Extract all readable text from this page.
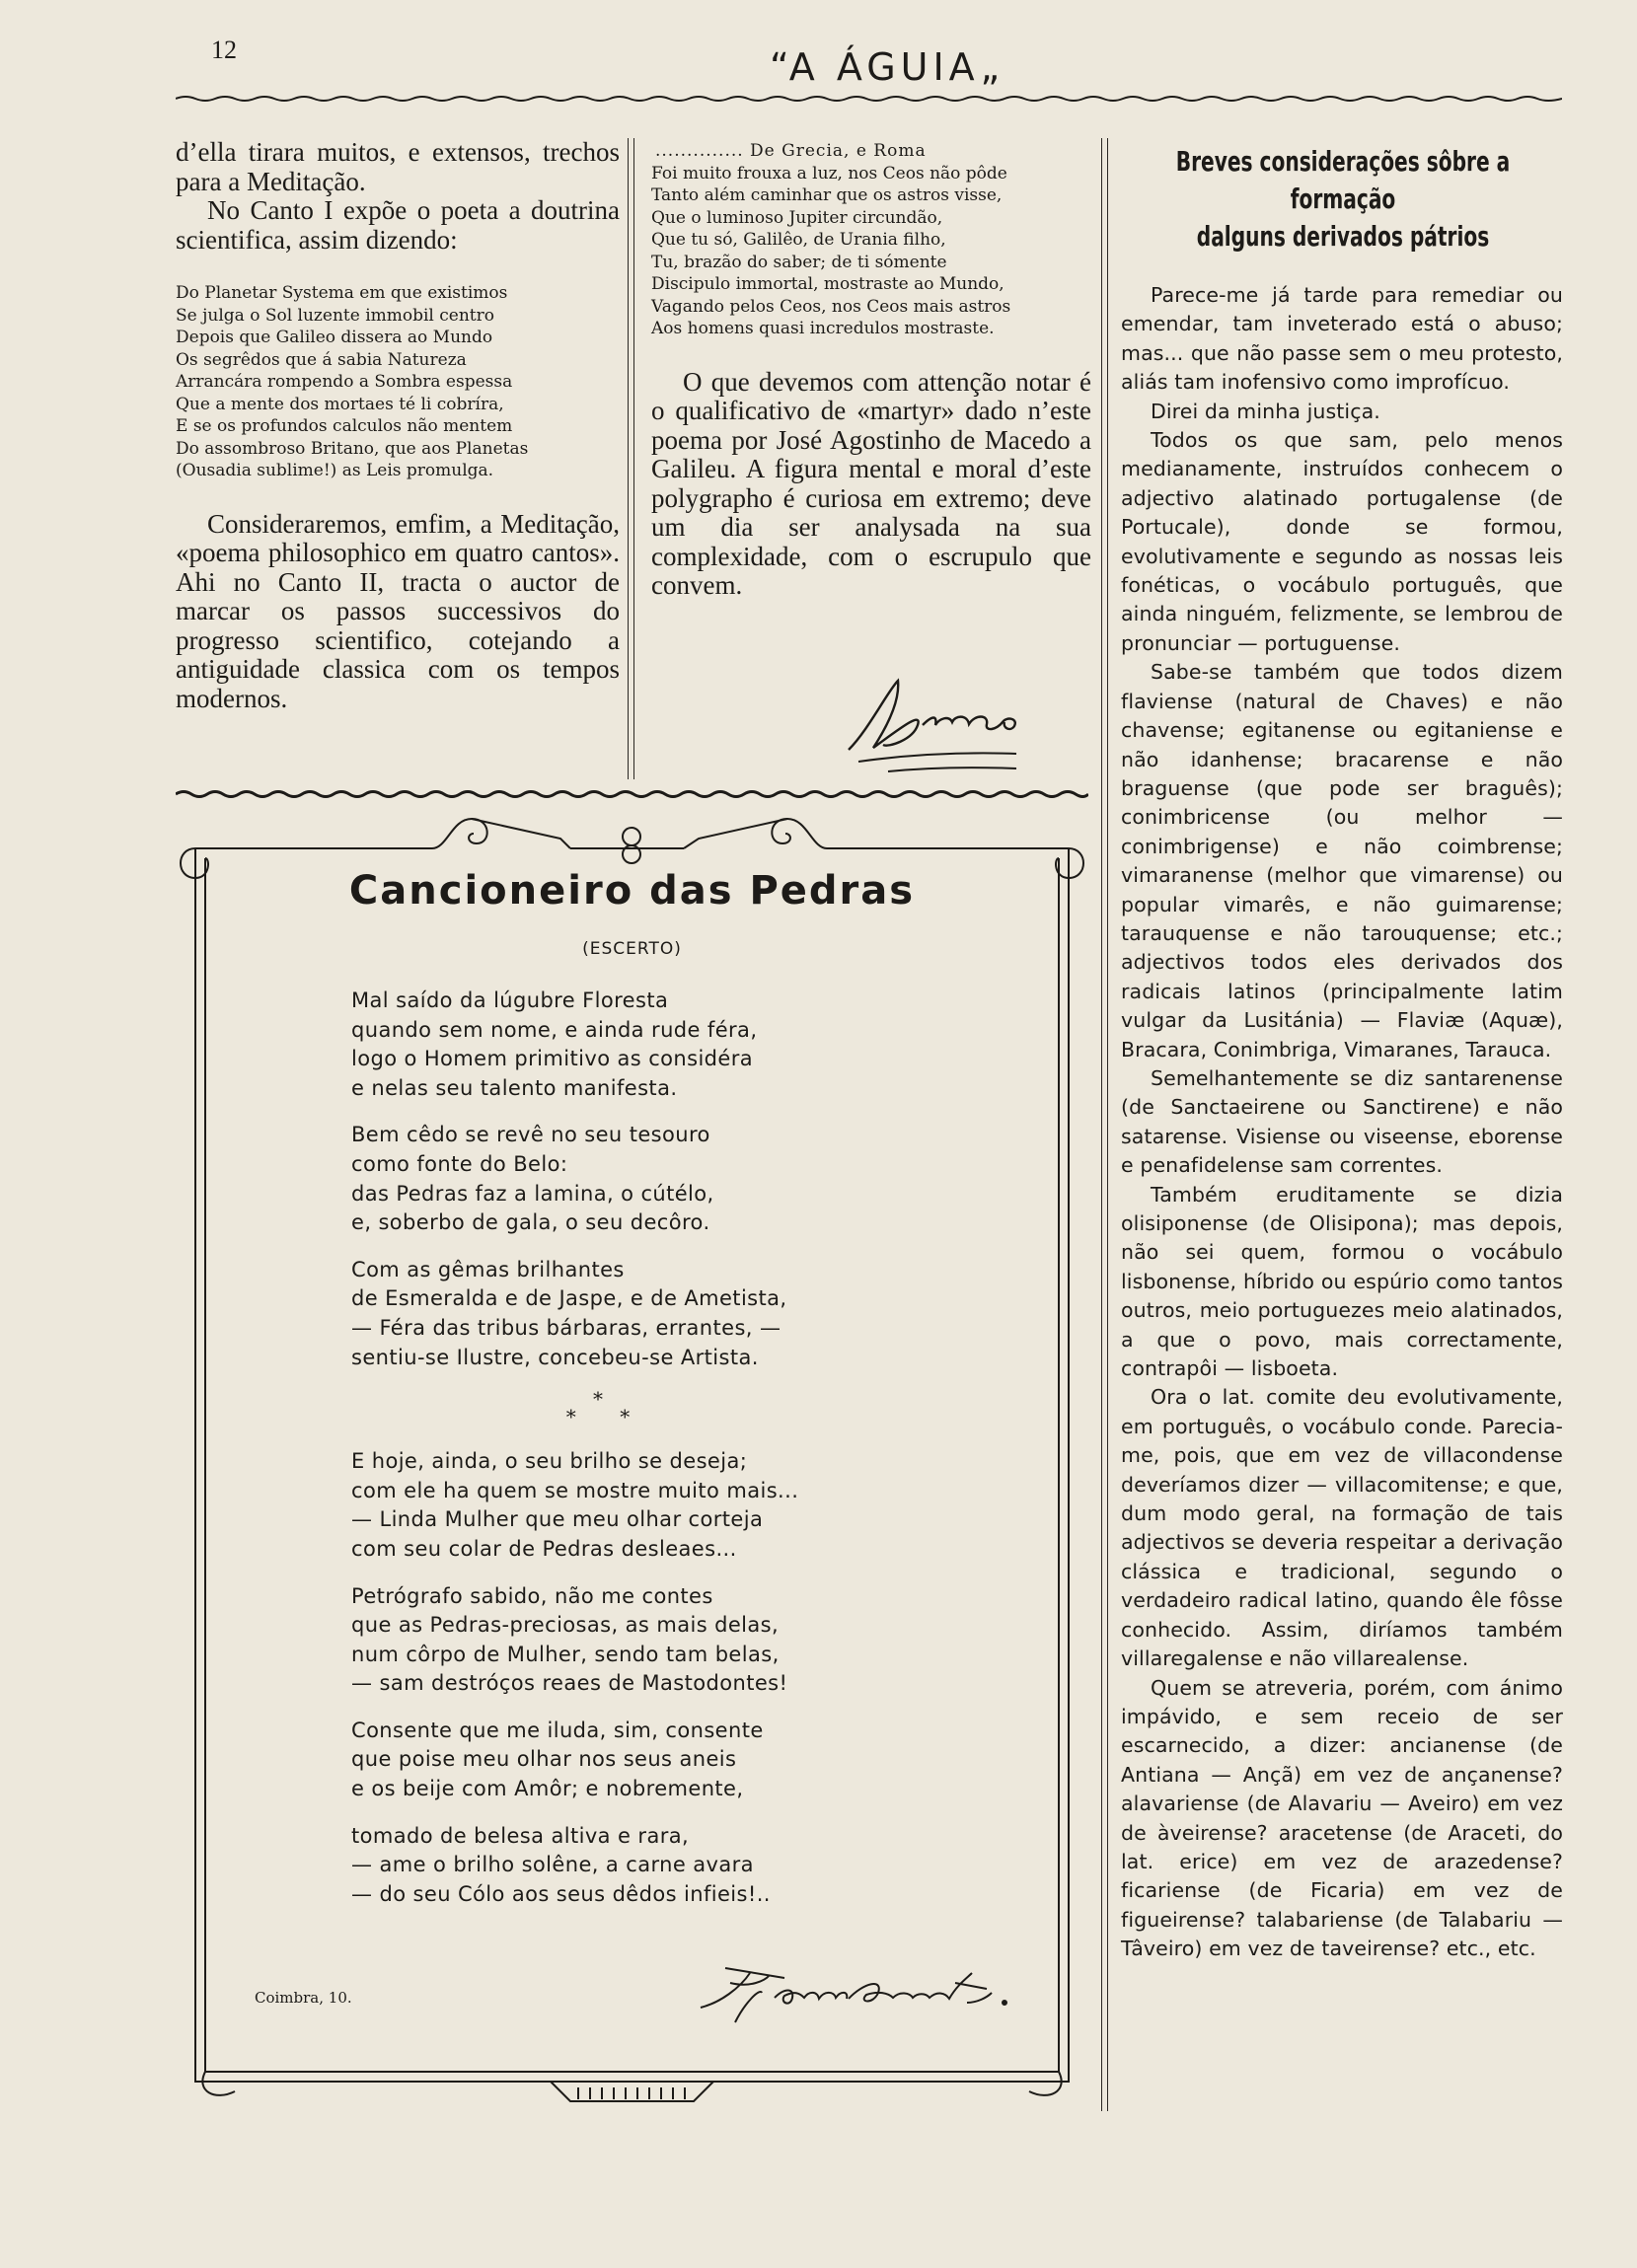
12	“A ÁGUIA„

d’ella tirara muitos, e extensos, trechos para a Meditação.

No Canto I expõe o poeta a doutrina scientifica, assim dizendo:

Do Planetar Systema em que existimos
Se julga o Sol luzente immobil centro
Depois que Galileo dissera ao Mundo
Os segrêdos que á sabia Natureza
Arrancára rompendo a Sombra espessa
Que a mente dos mortaes té li cobríra,
E se os profundos calculos não mentem
Do assombroso Britano, que aos Planetas
(Ousadia sublime!) as Leis promulga.

Consideraremos, emfim, a Meditação, «poema philosophico em quatro cantos». Ahi no Canto II, tracta o auctor de marcar os passos successivos do progresso scientifico, cotejando a antiguidade classica com os tempos modernos.

.............. De Grecia, e Roma
Foi muito frouxa a luz, nos Ceos não pôde
Tanto além caminhar que os astros visse,
Que o luminoso Jupiter circundão,
Que tu só, Galilêo, de Urania filho,
Tu, brazão do saber; de ti sómente
Discipulo immortal, mostraste ao Mundo,
Vagando pelos Ceos, nos Ceos mais astros
Aos homens quasi incredulos mostraste.

O que devemos com attenção notar é o qualificativo de «martyr» dado n’este poema por José Agostinho de Macedo a Galileu. A figura mental e moral d’este polygrapho é curiosa em extremo; deve um dia ser analysada na sua complexidade, com o escrupulo que convem.

Cancioneiro das Pedras
(ESCERTO)
Mal saído da lúgubre Floresta
quando sem nome, e ainda rude féra,
logo o Homem primitivo as considéra
e nelas seu talento manifesta.
Bem cêdo se revê no seu tesouro
como fonte do Belo:
das Pedras faz a lamina, o cútélo,
e, soberbo de gala, o seu decôro.
Com as gêmas brilhantes
de Esmeralda e de Jaspe, e de Ametista,
— Féra das tribus bárbaras, errantes, —
sentiu-se Ilustre, concebeu-se Artista.
*
*       *
E hoje, ainda, o seu brilho se deseja;
com ele ha quem se mostre muito mais...
— Linda Mulher que meu olhar corteja
com seu colar de Pedras desleaes...
Petrógrafo sabido, não me contes
que as Pedras-preciosas, as mais delas,
num côrpo de Mulher, sendo tam belas,
— sam destróços reaes de Mastodontes!
Consente que me iluda, sim, consente
que poise meu olhar nos seus aneis
e os beije com Amôr; e nobremente,
tomado de belesa altiva e rara,
— ame o brilho solêne, a carne avara
— do seu Cólo aos seus dêdos infieis!..
Coimbra, 10.
Breves considerações sôbre a formação
dalguns derivados pátrios

Parece-me já tarde para remediar ou emendar, tam inveterado está o abuso; mas... que não passe sem o meu protesto, aliás tam inofensivo como improfícuo.

Direi da minha justiça.

Todos os que sam, pelo menos medianamente, instruídos conhecem o adjectivo alatinado portugalense (de Portucale), donde se formou, evolutivamente e segundo as nossas leis fonéticas, o vocábulo português, que ainda ninguém, felizmente, se lembrou de pronunciar — portuguense.

Sabe-se também que todos dizem flaviense (natural de Chaves) e não chavense; egitanense ou egitaniense e não idanhense; bracarense e não braguense (que pode ser braguês); conimbricense (ou melhor — conimbrigense) e não coimbrense; vimaranense (melhor que vimarense) ou popular vimarês, e não guimarense; tarauquense e não tarouquense; etc.; adjectivos todos eles derivados dos radicais latinos (principalmente latim vulgar da Lusitánia) — Flaviæ (Aquæ), Bracara, Conimbriga, Vimaranes, Tarauca.

Semelhantemente se diz santarenense (de Sanctaeirene ou Sanctirene) e não satarense. Visiense ou viseense, eborense e penafidelense sam correntes.

Também eruditamente se dizia olisiponense (de Olisipona); mas depois, não sei quem, formou o vocábulo lisbonense, híbrido ou espúrio como tantos outros, meio portuguezes meio alatinados, a que o povo, mais correctamente, contrapôi — lisboeta.

Ora o lat. comite deu evolutivamente, em português, o vocábulo conde. Parecia-me, pois, que em vez de villacondense deveríamos dizer — villacomitense; e que, dum modo geral, na formação de tais adjectivos se deveria respeitar a derivação clássica e tradicional, segundo o verdadeiro radical latino, quando êle fôsse conhecido. Assim, diríamos também villaregalense e não villarealense.

Quem se atreveria, porém, com ánimo impávido, e sem receio de ser escarnecido, a dizer: ancianense (de Antiana — Ançã) em vez de ançanense? alavariense (de Alavariu — Aveiro) em vez de àveirense? aracetense (de Araceti, do lat. erice) em vez de arazedense? ficariense (de Ficaria) em vez de figueirense? talabariense (de Talabariu — Tâveiro) em vez de taveirense? etc., etc.
